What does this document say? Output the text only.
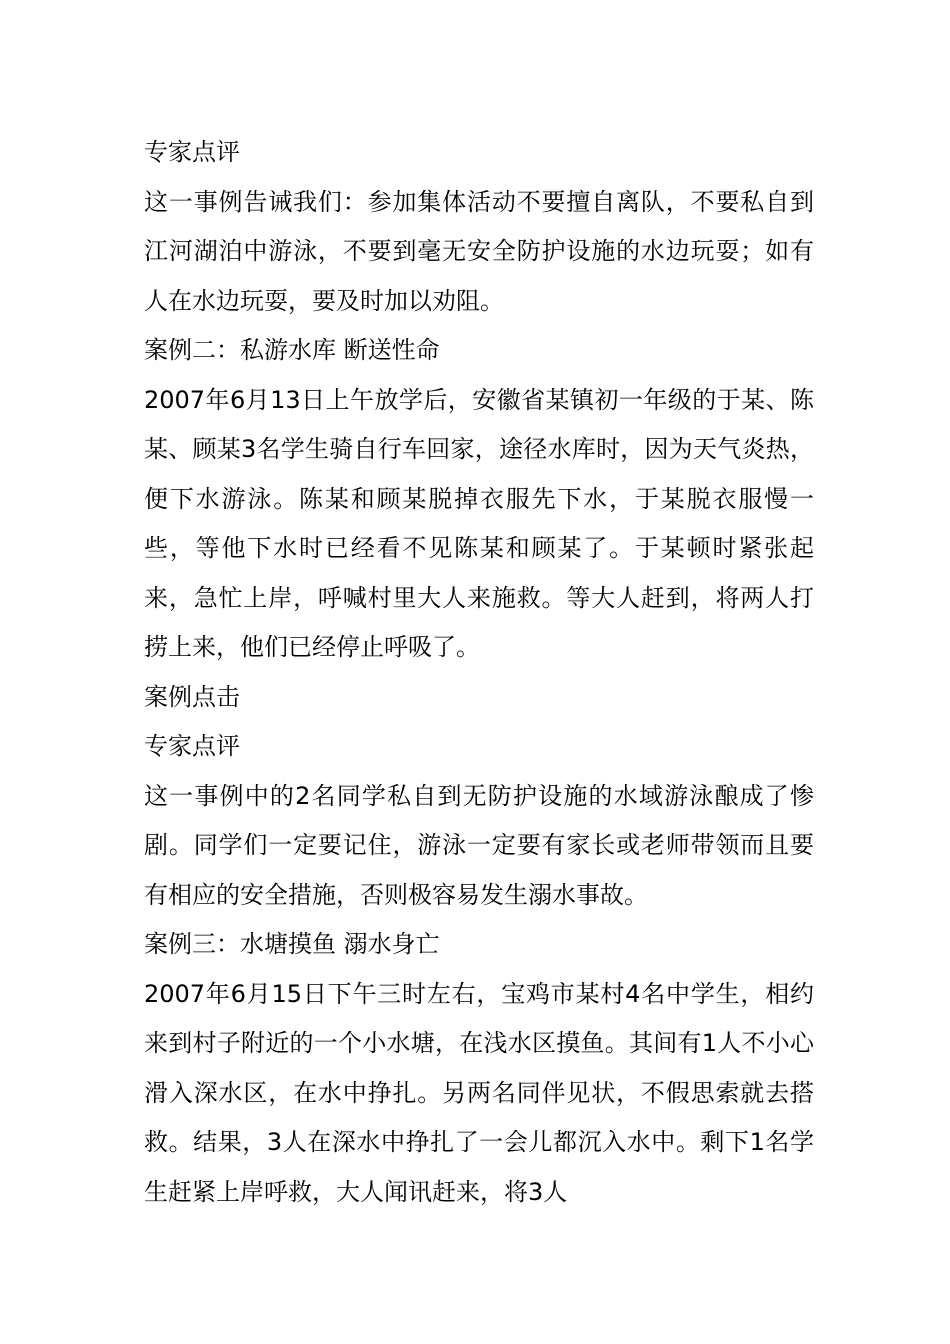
专家点评

这一事例告诫我们：参加集体活动不要擅自离队，不要私自到江河湖泊中游泳，不要到毫无安全防护设施的水边玩耍；如有人在水边玩耍，要及时加以劝阻。

案例二：私游水库 断送性命

2007年6月13日上午放学后，安徽省某镇初一年级的于某、陈某、顾某3名学生骑自行车回家，途径水库时，因为天气炎热，便下水游泳。陈某和顾某脱掉衣服先下水，于某脱衣服慢一些，等他下水时已经看不见陈某和顾某了。于某顿时紧张起来，急忙上岸，呼喊村里大人来施救。等大人赶到，将两人打捞上来，他们已经停止呼吸了。

案例点击

专家点评

这一事例中的2名同学私自到无防护设施的水域游泳酿成了惨剧。同学们一定要记住，游泳一定要有家长或老师带领而且要有相应的安全措施，否则极容易发生溺水事故。

案例三：水塘摸鱼 溺水身亡

2007年6月15日下午三时左右，宝鸡市某村4名中学生，相约来到村子附近的一个小水塘，在浅水区摸鱼。其间有1人不小心滑入深水区，在水中挣扎。另两名同伴见状，不假思索就去搭救。结果，3人在深水中挣扎了一会儿都沉入水中。剩下1名学生赶紧上岸呼救，大人闻讯赶来，将3人
